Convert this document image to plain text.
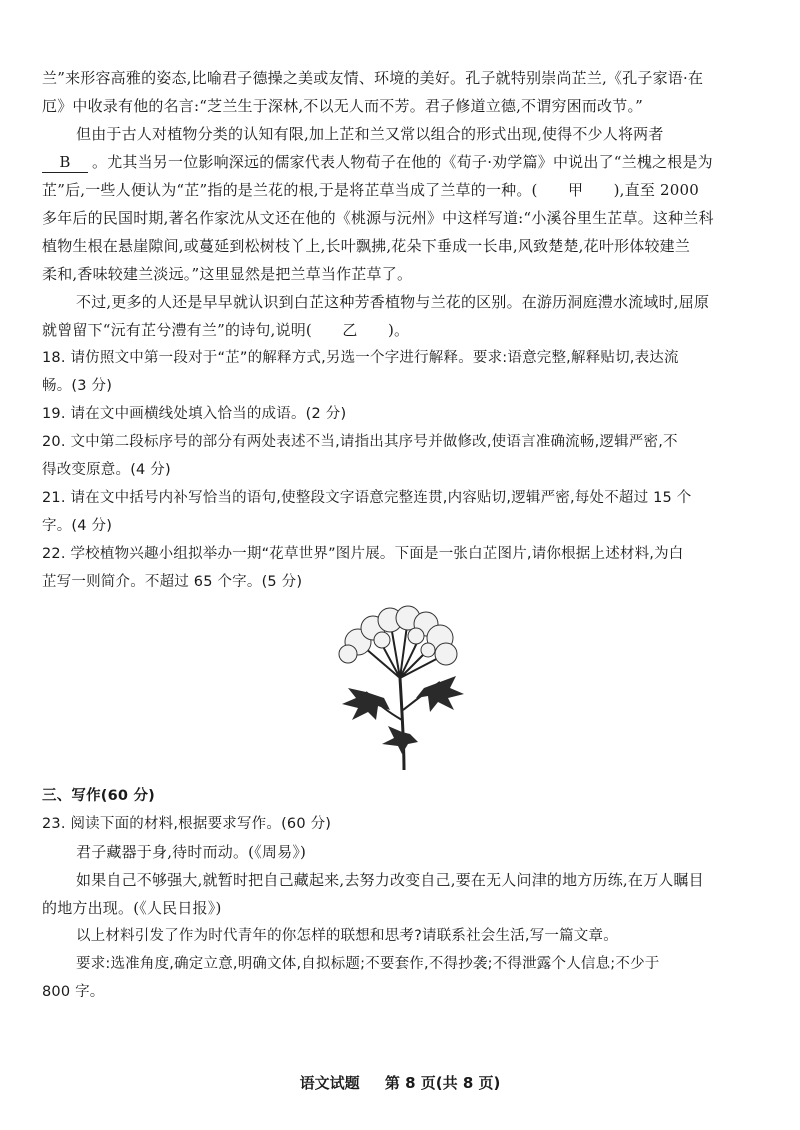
兰”来形容高雅的姿态,比喻君子德操之美或友情、环境的美好。孔子就特别崇尚芷兰,《孔子家语·在
厄》中收录有他的名言:“芝兰生于深林,不以无人而不芳。君子修道立德,不谓穷困而改节。”
但由于古人对植物分类的认知有限,加上芷和兰又常以组合的形式出现,使得不少人将两者
B 。尤其当另一位影响深远的儒家代表人物荀子在他的《荀子·劝学篇》中说出了“兰槐之根是为
芷”后,一些人便认为“芷”指的是兰花的根,于是将芷草当成了兰草的一种。(　　甲　　),直至 2000
多年后的民国时期,著名作家沈从文还在他的《桃源与沅州》中这样写道:“小溪谷里生芷草。这种兰科
植物生根在悬崖隙间,或蔓延到松树枝丫上,长叶飘拂,花朵下垂成一长串,风致楚楚,花叶形体较建兰
柔和,香味较建兰淡远。”这里显然是把兰草当作芷草了。
不过,更多的人还是早早就认识到白芷这种芳香植物与兰花的区别。在游历洞庭澧水流域时,屈原
就曾留下“沅有芷兮澧有兰”的诗句,说明(　　乙　　)。
18. 请仿照文中第一段对于“芷”的解释方式,另选一个字进行解释。要求:语意完整,解释贴切,表达流
畅。(3 分)
19. 请在文中画横线处填入恰当的成语。(2 分)
20. 文中第二段标序号的部分有两处表述不当,请指出其序号并做修改,使语言准确流畅,逻辑严密,不
得改变原意。(4 分)
21. 请在文中括号内补写恰当的语句,使整段文字语意完整连贯,内容贴切,逻辑严密,每处不超过 15 个
字。(4 分)
22. 学校植物兴趣小组拟举办一期“花草世界”图片展。下面是一张白芷图片,请你根据上述材料,为白
芷写一则简介。不超过 65 个字。(5 分)
三、写作(60 分)
23. 阅读下面的材料,根据要求写作。(60 分)
君子藏器于身,待时而动。(《周易》)
如果自己不够强大,就暂时把自己藏起来,去努力改变自己,要在无人问津的地方历练,在万人瞩目
的地方出现。(《人民日报》)
以上材料引发了作为时代青年的你怎样的联想和思考?请联系社会生活,写一篇文章。
要求:选准角度,确定立意,明确文体,自拟标题;不要套作,不得抄袭;不得泄露个人信息;不少于
800 字。
语文试题 第 8 页(共 8 页)
